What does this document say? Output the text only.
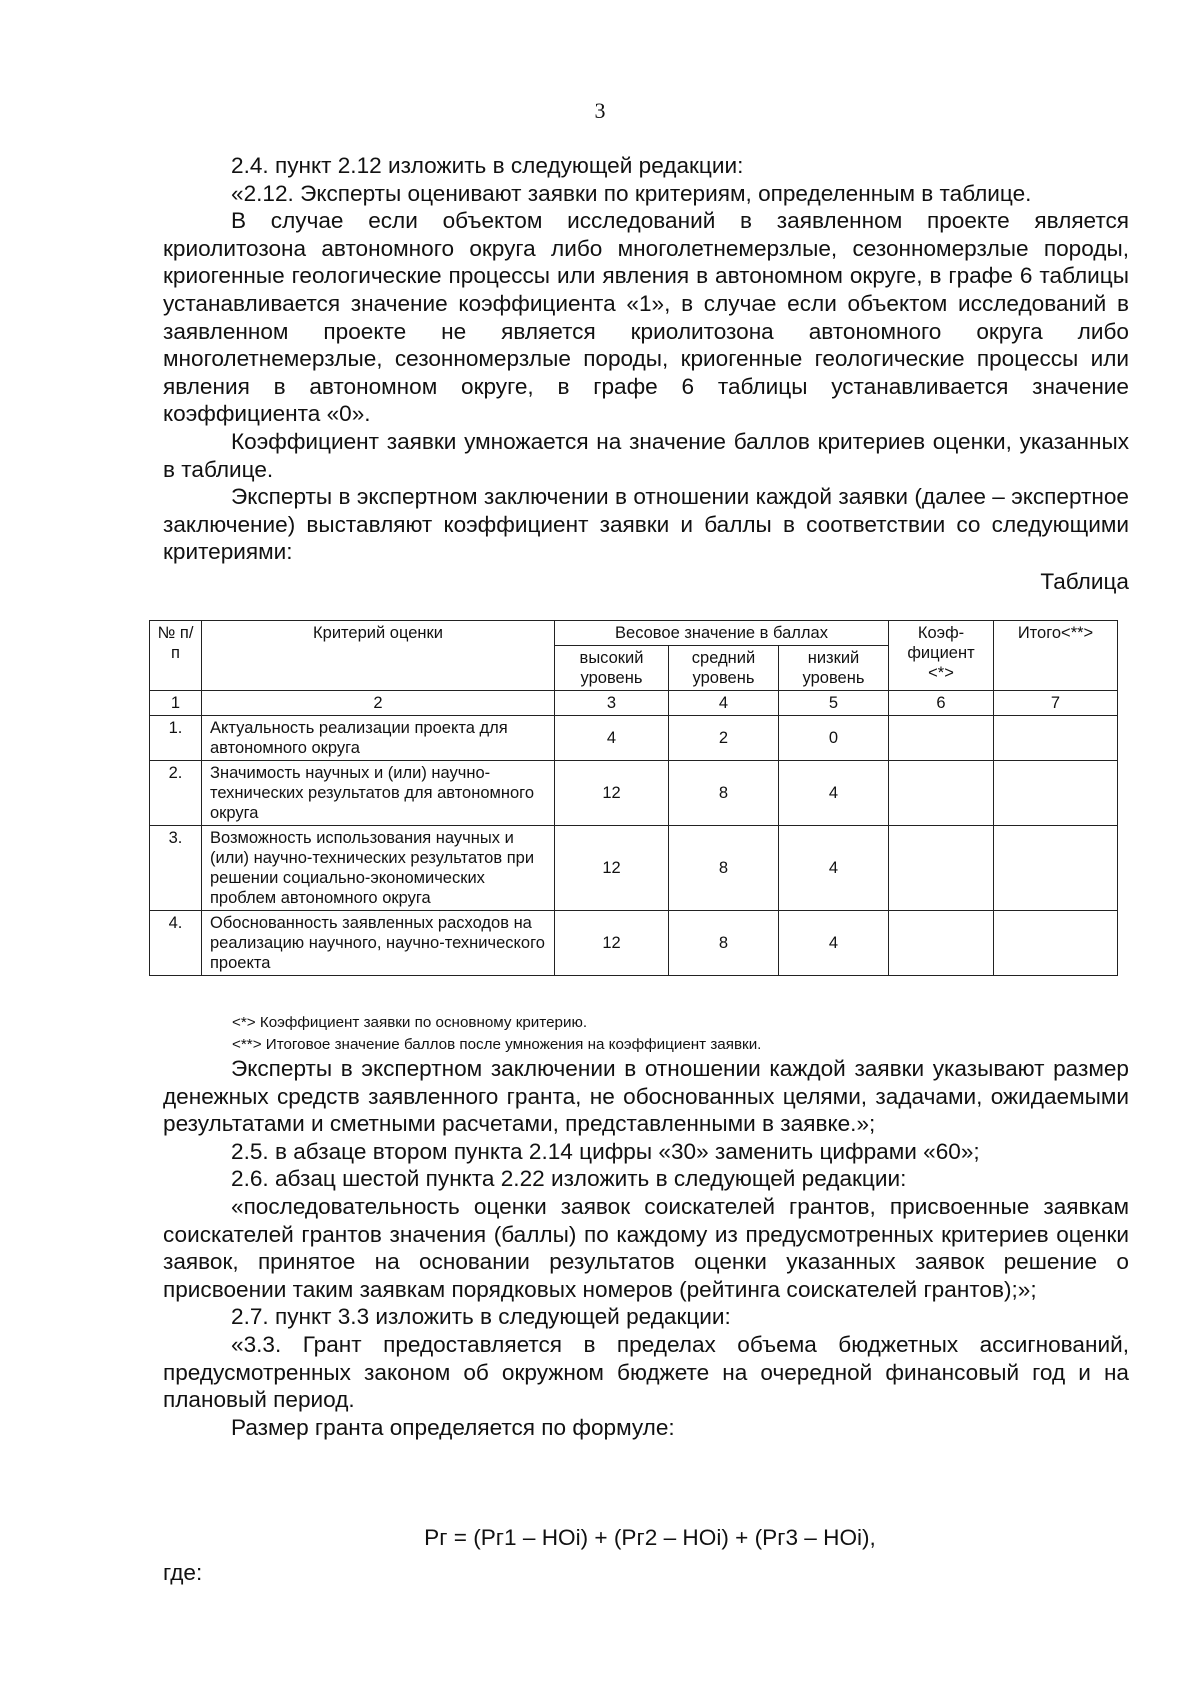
3

2.4. пункт 2.12 изложить в следующей редакции:

«2.12. Эксперты оценивают заявки по критериям, определенным в таблице.

В случае если объектом исследований в заявленном проекте является криолитозона автономного округа либо многолетнемерзлые, сезонномерзлые породы, криогенные геологические процессы или явления в автономном округе, в графе 6 таблицы устанавливается значение коэффициента «1», в случае если объектом исследований в заявленном проекте не является криолитозона автономного округа либо многолетнемерзлые, сезонномерзлые породы, криогенные геологические процессы или явления в автономном округе, в графе 6 таблицы устанавливается значение коэффициента «0».

Коэффициент заявки умножается на значение баллов критериев оценки, указанных в таблице.

Эксперты в экспертном заключении в отношении каждой заявки (далее – экспертное заключение) выставляют коэффициент заявки и баллы в соответствии со следующими критериями:

Таблица

№ п/п	Критерий оценки	Весовое значение в баллах			Коэф-фициент <*>	Итого<**>
		высокий уровень	средний уровень	низкий уровень		
1	2	3	4	5	6	7
1.	Актуальность реализации проекта для автономного округа	4	2	0		
2.	Значимость научных и (или) научно-технических результатов для автономного округа	12	8	4		
3.	Возможность использования научных и (или) научно-технических результатов при решении социально-экономических проблем автономного округа	12	8	4		
4.	Обоснованность заявленных расходов на реализацию научного, научно-технического проекта	12	8	4		
<*> Коэффициент заявки по основному критерию.
<**> Итоговое значение баллов после умножения на коэффициент заявки.

Эксперты в экспертном заключении в отношении каждой заявки указывают размер денежных средств заявленного гранта, не обоснованных целями, задачами, ожидаемыми результатами и сметными расчетами, представленными в заявке.»;

2.5. в абзаце втором пункта 2.14 цифры «30» заменить цифрами «60»;

2.6. абзац шестой пункта 2.22 изложить в следующей редакции:

«последовательность оценки заявок соискателей грантов, присвоенные заявкам соискателей грантов значения (баллы) по каждому из предусмотренных критериев оценки заявок, принятое на основании результатов оценки указанных заявок решение о присвоении таким заявкам порядковых номеров (рейтинга соискателей грантов);»;

2.7. пункт 3.3 изложить в следующей редакции:

«3.3. Грант предоставляется в пределах объема бюджетных ассигнований, предусмотренных законом об окружном бюджете на очередной финансовый год и на плановый период.

Размер гранта определяется по формуле:

Рг = (Рг1 – НОi) + (Рг2 – НОi) + (Рг3 – НОi),
где:
